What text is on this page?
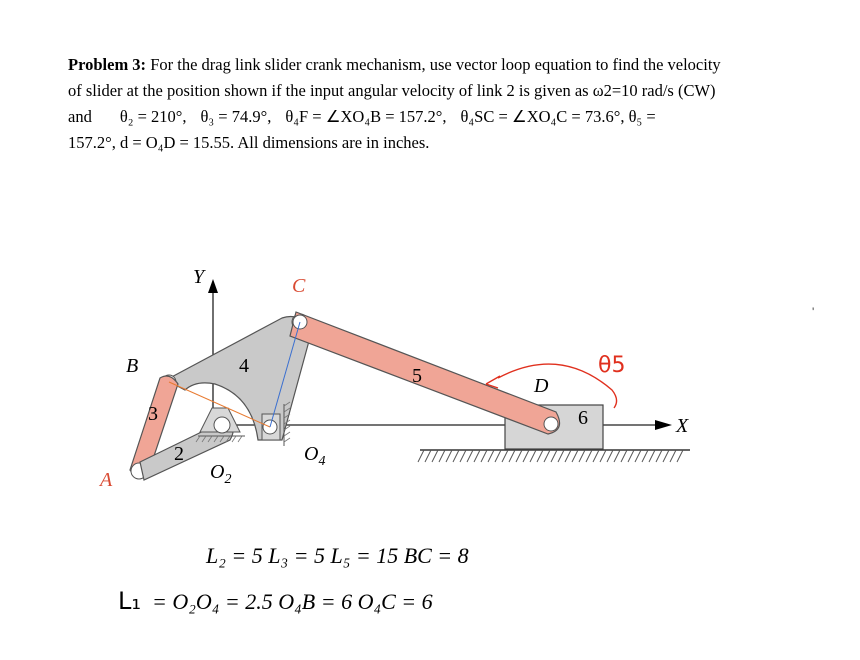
Problem 3: For the drag link slider crank mechanism, use vector loop equation to find the velocity
of slider at the position shown if the input angular velocity of link 2 is given as ω2=10 rad/s (CW)
and θ₂ = 210°, θ₃ = 74.9°, θ₄F = ∠XO₄B = 157.2°, θ₄SC = ∠XO₄C = 73.6°, θ₅ =
157.2°, d = O₄D = 15.55. All dimensions are in inches.
Y	C
B
A
D
X
$O_2$
$O_4$
2
3
4	5
6
θ5
L₂ = 5 L₃ = 5 L₅ = 15 BC = 8
L₁ = O₂O₄ = 2.5 O₄B = 6 O₄C = 6
'
